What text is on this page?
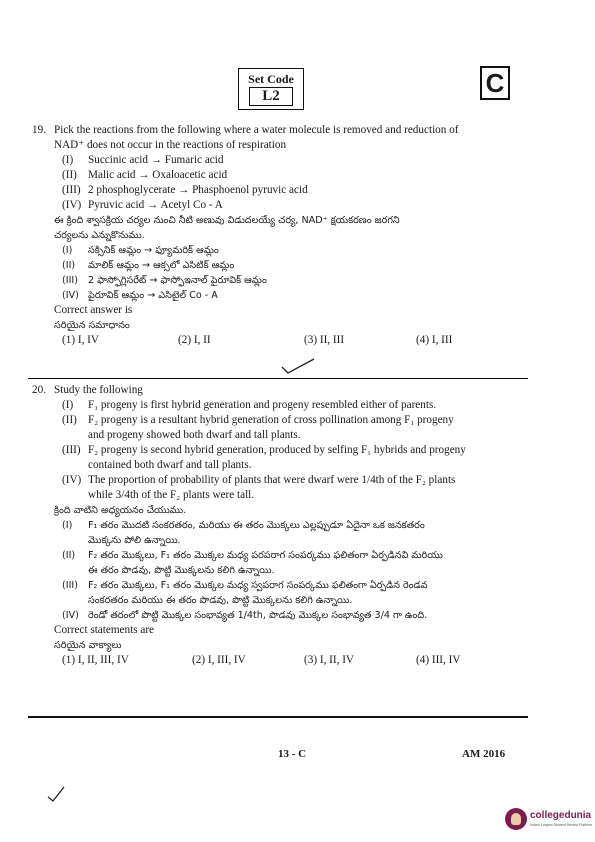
Set Code
L2	C
19. Pick the reactions from the following where a water molecule is removed and reduction of
NAD⁺ does not occur in the reactions of respiration
(I) Succinic acid → Fumaric acid
(II) Malic acid → Oxaloacetic acid
(III) 2 phosphoglycerate → Phasphoenol pyruvic acid
(IV) Pyruvic acid → Acetyl Co - A
ఈ క్రింది శ్వాసక్రియ చర్యల నుంచి నీటి అణువు విడుదలయ్యే చర్య, NAD⁺ క్షయకరణం జరగని
చర్యలను ఎన్నుకొనుము.
(I) సక్సినిక్ ఆమ్లం → ఫ్యూమరిక్ ఆమ్లం
(II) మాలిక్ ఆమ్లం → ఆక్సలో ఎసిటిక్ ఆమ్లం
(III) 2 ఫాస్ఫోగ్లిసరేట్ → ఫాస్ఫోఇనాల్ పైరూవిక్ ఆమ్లం
(IV) పైరూవిక్ ఆమ్లం → ఎసిటైల్ Co - A
Correct answer is
సరియైన సమాధానం
(1) I, IV	(2) I, II	(3) II, III	(4) I, III
20. Study the following
(I) F₁ progeny is first hybrid generation and progeny resembled either of parents.
(II) F₂ progeny is a resultant hybrid generation of cross pollination among F₁ progeny
and progeny showed both dwarf and tall plants.
(III) F₂ progeny is second hybrid generation, produced by selfing F₁ hybrids and progeny
contained both dwarf and tall plants.
(IV) The proportion of probability of plants that were dwarf were 1/4th of the F₂ plants
while 3/4th of the F₂ plants were tall.
క్రింది వాటిని అధ్యయనం చేయుము.
(I) F₁ తరం మొదటి సంకరతరం, మరియు ఈ తరం మొక్కలు ఎల్లప్పుడూ ఏదైనా ఒక జనకతరం
మొక్కను పోలి ఉన్నాయి.
(II) F₂ తరం మొక్కలు, F₁ తరం మొక్కల మధ్య పరపరాగ సంపర్కము ఫలితంగా ఏర్పడినవి మరియు
ఈ తరం పొడవు, పొట్టి మొక్కలను కలిగి ఉన్నాయి.
(III) F₂ తరం మొక్కలు, F₁ తరం మొక్కల మధ్య స్వపరాగ సంపర్కము ఫలితంగా ఏర్పడిన రెండవ
సంకరతరం మరియు ఈ తరం పొడవు, పొట్టి మొక్కలను కలిగి ఉన్నాయి.
(IV) రెండో తరంలో పొట్టి మొక్కల సంభావ్యత 1/4th, పొడవు మొక్కల సంభావ్యత 3/4 గా ఉంది.
Correct statements are
సరియైన వాక్యాలు
(1) I, II, III, IV	(2) I, III, IV	(3) I, II, IV	(4) III, IV
13 - C	AM 2016
collegedunia
India's Largest Student Review Platform
